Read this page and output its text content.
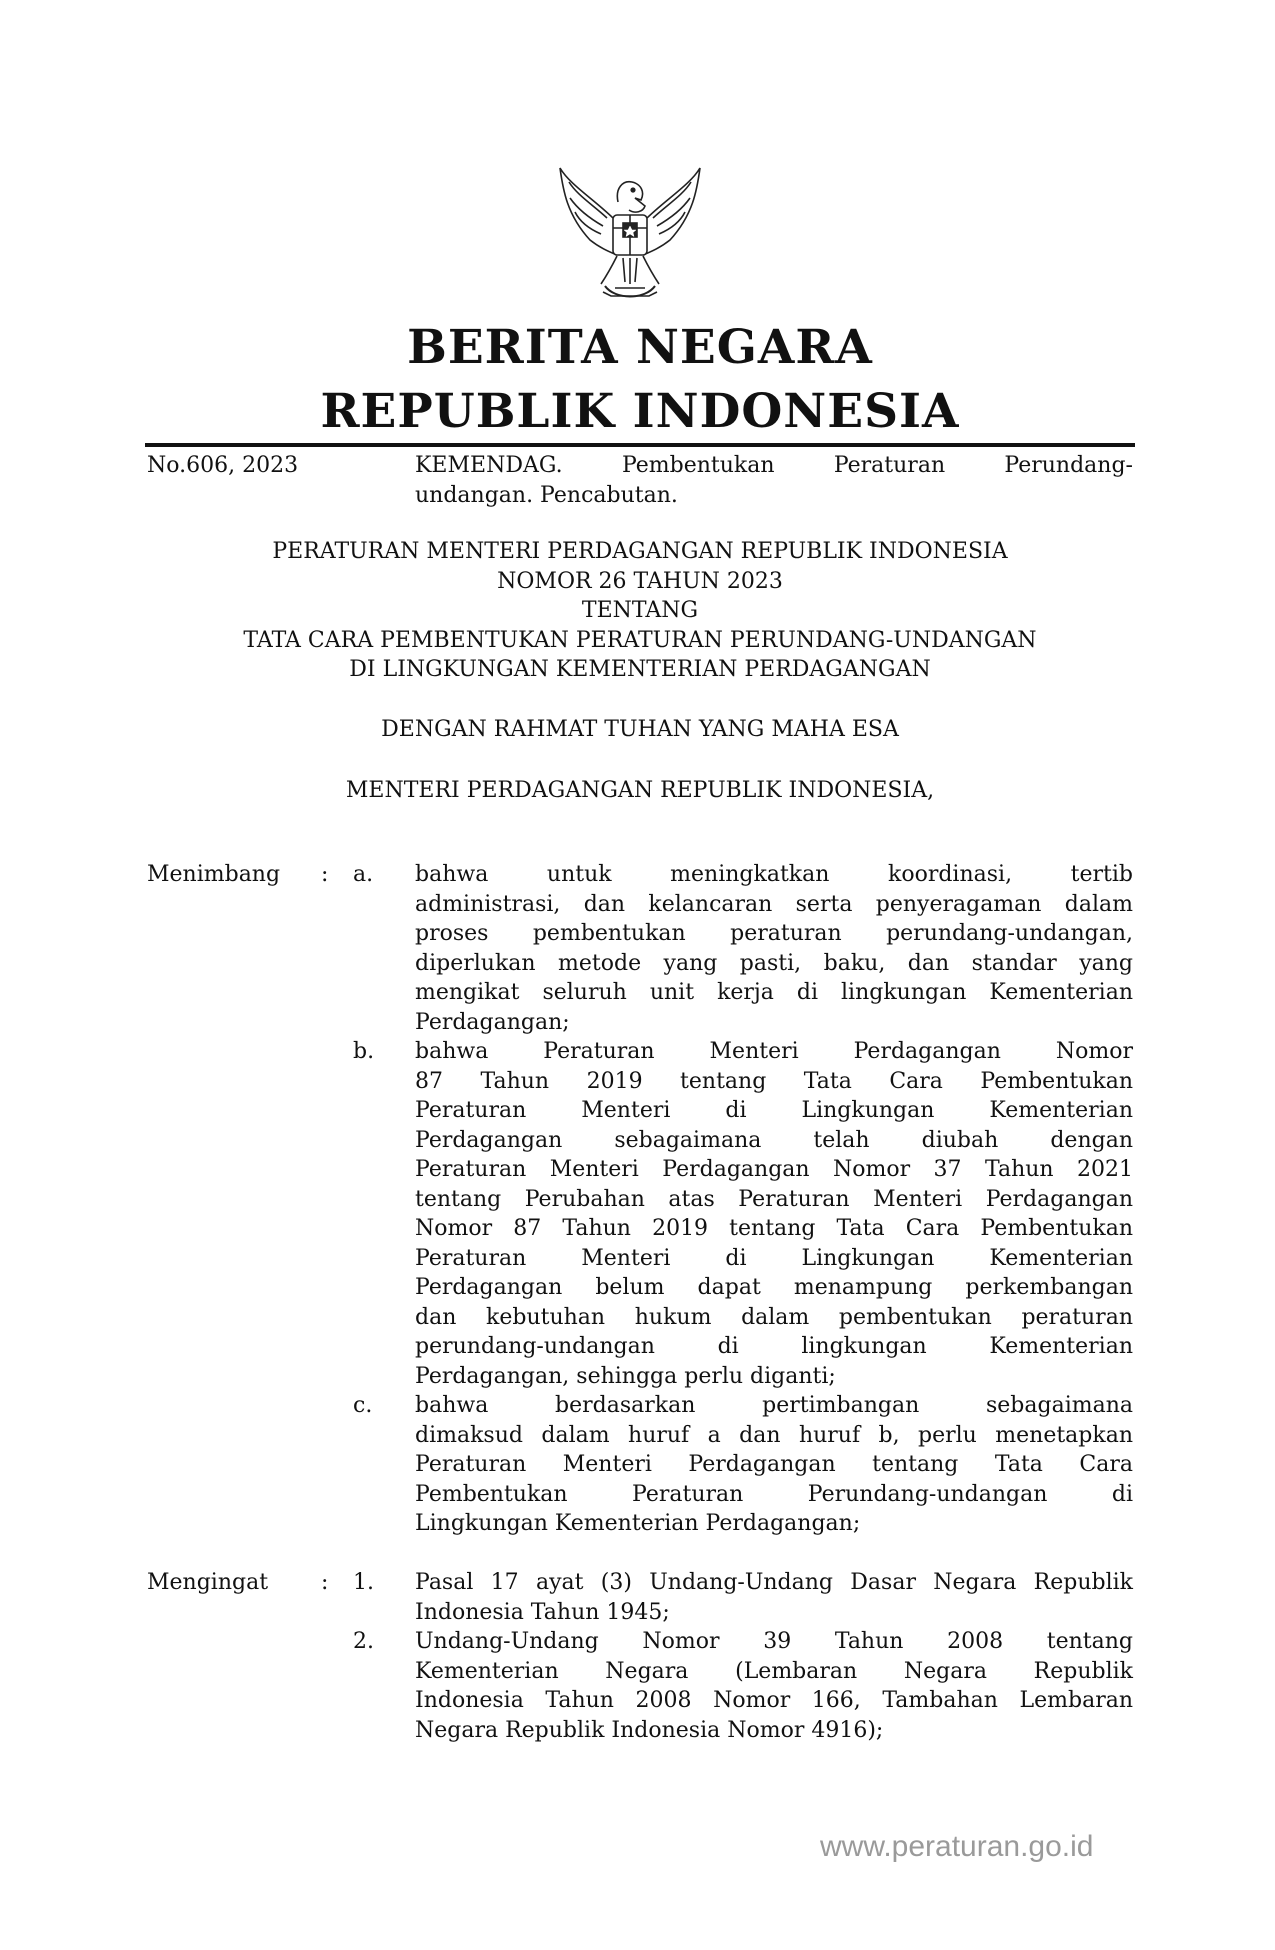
BERITA NEGARA
REPUBLIK INDONESIA
No.606, 2023	KEMENDAG. Pembentukan Peraturan Perundang-
undangan. Pencabutan.
PERATURAN MENTERI PERDAGANGAN REPUBLIK INDONESIA
NOMOR 26 TAHUN 2023
TENTANG
TATA CARA PEMBENTUKAN PERATURAN PERUNDANG-UNDANGAN
DI LINGKUNGAN KEMENTERIAN PERDAGANGAN
DENGAN RAHMAT TUHAN YANG MAHA ESA
MENTERI PERDAGANGAN REPUBLIK INDONESIA,
Menimbang : a. bahwa untuk meningkatkan koordinasi, tertib
administrasi, dan kelancaran serta penyeragaman dalam
proses pembentukan peraturan perundang-undangan,
diperlukan metode yang pasti, baku, dan standar yang
mengikat seluruh unit kerja di lingkungan Kementerian
Perdagangan;
b. bahwa Peraturan Menteri Perdagangan Nomor
87 Tahun 2019 tentang Tata Cara Pembentukan
Peraturan Menteri di Lingkungan Kementerian
Perdagangan sebagaimana telah diubah dengan
Peraturan Menteri Perdagangan Nomor 37 Tahun 2021
tentang Perubahan atas Peraturan Menteri Perdagangan
Nomor 87 Tahun 2019 tentang Tata Cara Pembentukan
Peraturan Menteri di Lingkungan Kementerian
Perdagangan belum dapat menampung perkembangan
dan kebutuhan hukum dalam pembentukan peraturan
perundang-undangan di lingkungan Kementerian
Perdagangan, sehingga perlu diganti;
c. bahwa berdasarkan pertimbangan sebagaimana
dimaksud dalam huruf a dan huruf b, perlu menetapkan
Peraturan Menteri Perdagangan tentang Tata Cara
Pembentukan Peraturan Perundang-undangan di
Lingkungan Kementerian Perdagangan;
Mengingat : 1. Pasal 17 ayat (3) Undang-Undang Dasar Negara Republik
Indonesia Tahun 1945;
2. Undang-Undang Nomor 39 Tahun 2008 tentang
Kementerian Negara (Lembaran Negara Republik
Indonesia Tahun 2008 Nomor 166, Tambahan Lembaran
Negara Republik Indonesia Nomor 4916);
www.peraturan.go.id
